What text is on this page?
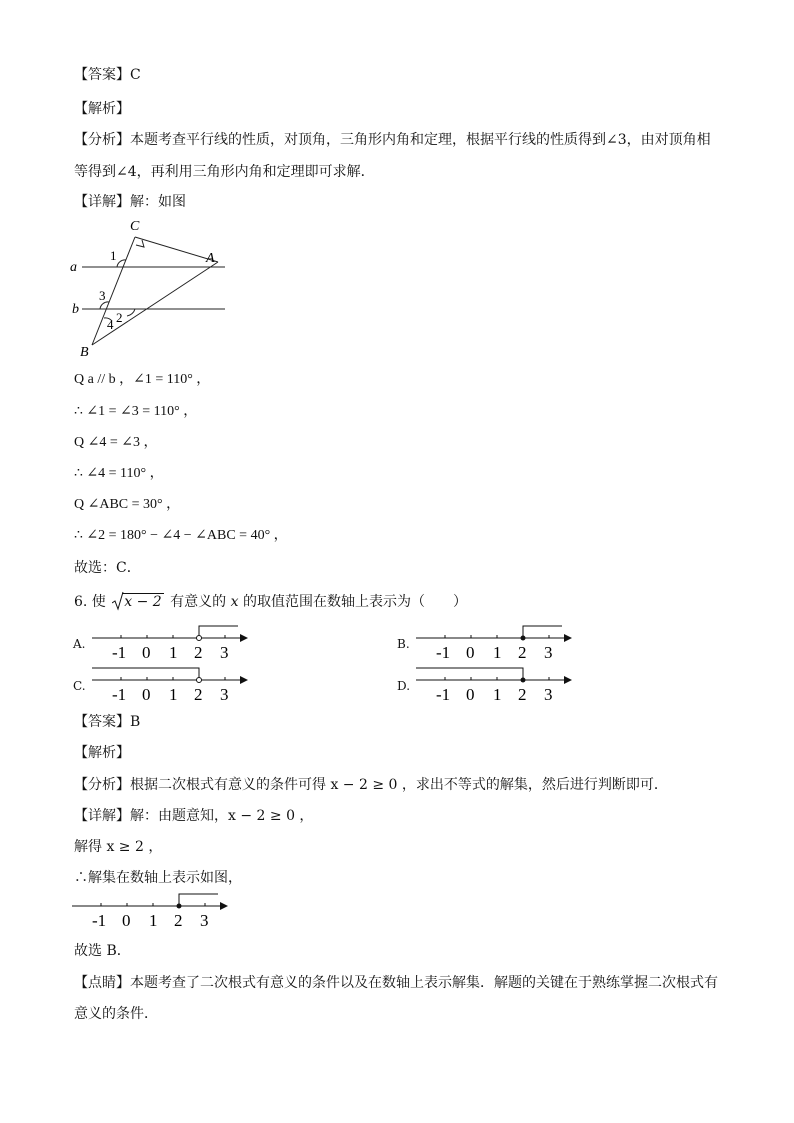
【答案】C
【解析】
【分析】本题考查平行线的性质，对顶角，三角形内角和定理，根据平行线的性质得到∠3，由对顶角相
等得到∠4，再利用三角形内角和定理即可求解．
【详解】解：如图
C
A
B
a
b
1
3
4 2
Q a // b ，∠1 = 110° ，
∴ ∠1 = ∠3 = 110° ，
Q ∠4 = ∠3 ，
∴ ∠4 = 110° ，
Q ∠ABC = 30° ，
∴ ∠2 = 180° − ∠4 − ∠ABC = 40° ，
故选：C．
6. 使 x − 2 有意义的 x 的取值范围在数轴上表示为（　　）
A. -1 0 1 2 3	B. -1 0 1 2 3
C. -1 0 1 2 3	D. -1 0 1 2 3
【答案】B
【解析】
【分析】根据二次根式有意义的条件可得 x − 2 ≥ 0 ，求出不等式的解集，然后进行判断即可．
【详解】解：由题意知，x − 2 ≥ 0 ，
解得 x ≥ 2 ，
∴解集在数轴上表示如图，
-1 0 1 2 3
故选 B．
【点睛】本题考查了二次根式有意义的条件以及在数轴上表示解集．解题的关键在于熟练掌握二次根式有
意义的条件．
